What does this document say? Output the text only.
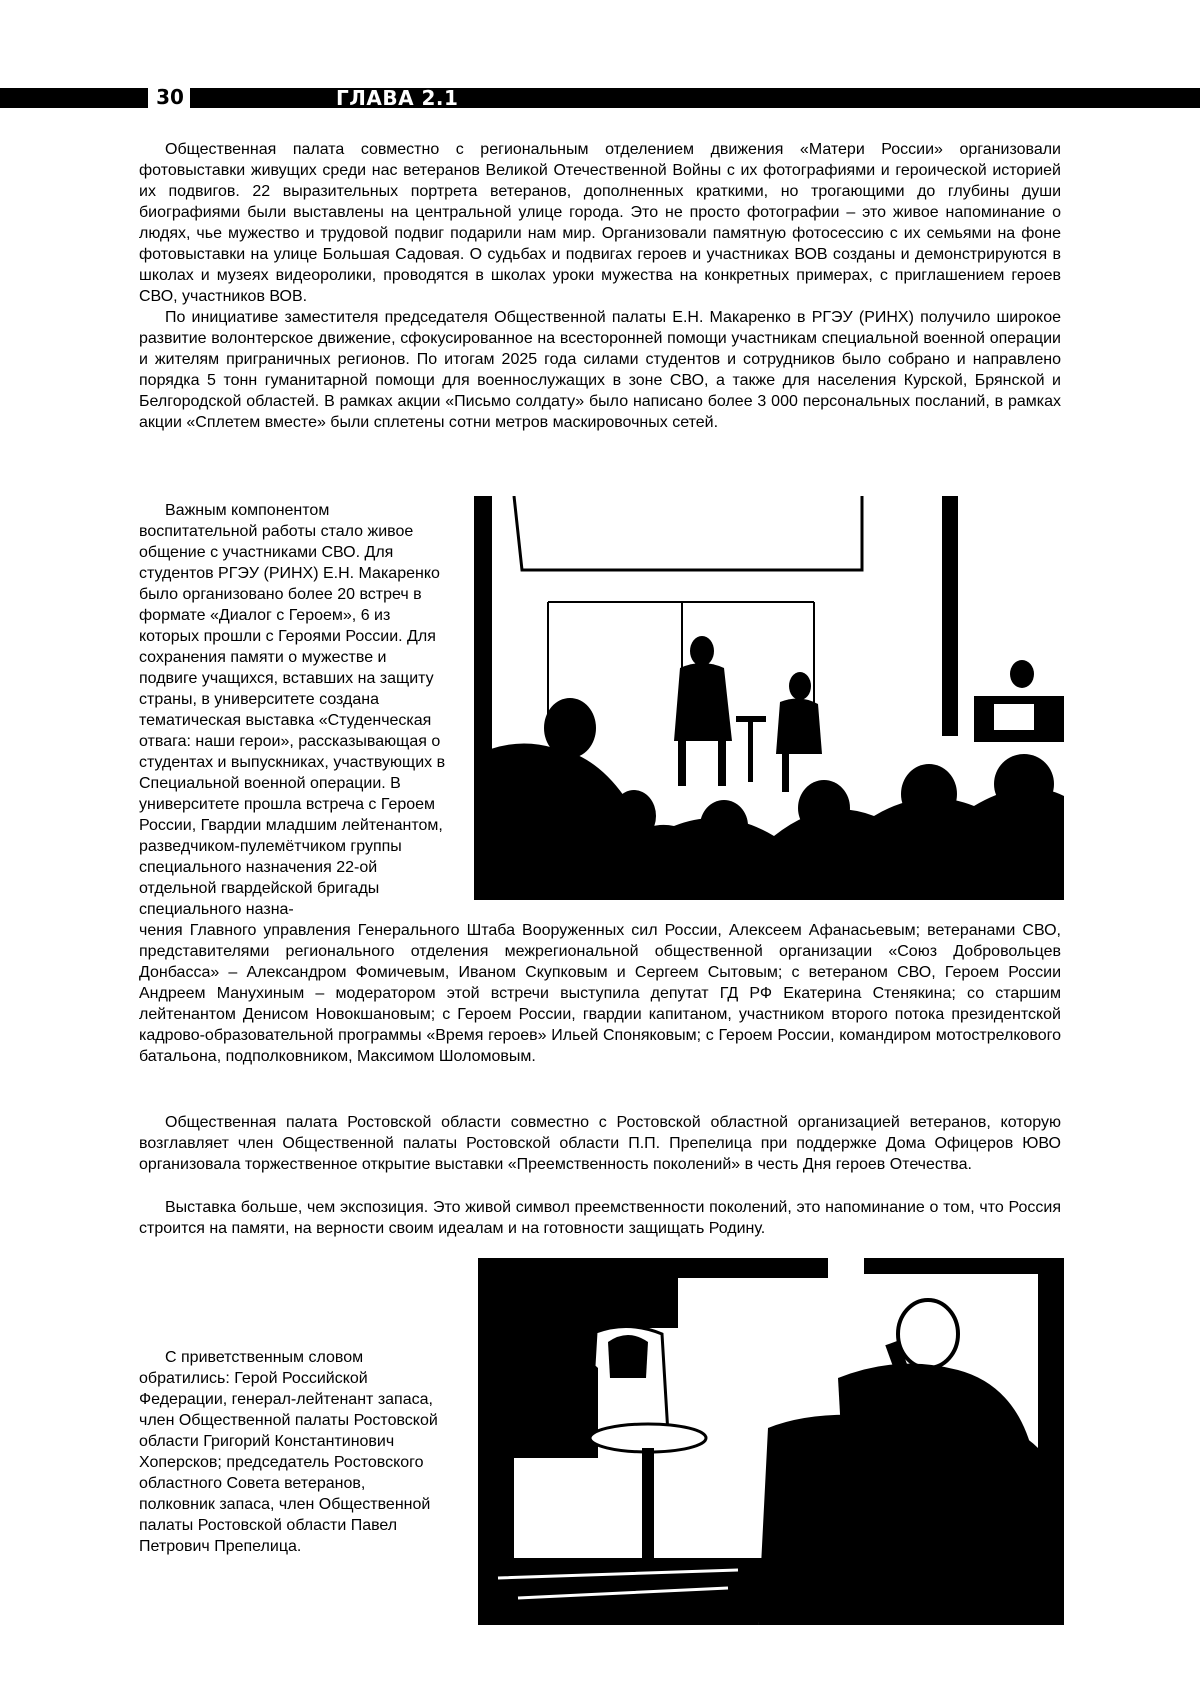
30	ГЛАВА 2.1

Общественная палата совместно с региональным отделением движения «Матери России» организовали фотовыставки живущих среди нас ветеранов Великой Отечественной Войны с их фотографиями и героической историей их подвигов. 22 выразительных портрета ветеранов, дополненных краткими, но трогающими до глубины души биографиями были выставлены на центральной улице города. Это не просто фотографии – это живое напоминание о людях, чье мужество и трудовой подвиг подарили нам мир. Организовали памятную фотосессию с их семьями на фоне фотовыставки на улице Большая Садовая. О судьбах и подвигах героев и участниках ВОВ созданы и демонстрируются в школах и музеях видеоролики, проводятся в школах уроки мужества на конкретных примерах, с приглашением героев СВО, участников ВОВ.

По инициативе заместителя председателя Общественной палаты Е.Н. Макаренко в РГЭУ (РИНХ) получило широкое развитие волонтерское движение, сфокусированное на всесторонней помощи участникам специальной военной операции и жителям приграничных регионов. По итогам 2025 года силами студентов и сотрудников было собрано и направлено порядка 5 тонн гуманитарной помощи для военнослужащих в зоне СВО, а также для населения Курской, Брянской и Белгородской областей. В рамках акции «Письмо солдату» было написано более 3 000 персональных посланий, в рамках акции «Сплетем вместе» были сплетены сотни метров маскировочных сетей.

Важным компонентом воспитательной работы стало живое общение с участниками СВО. Для студентов РГЭУ (РИНХ) Е.Н. Макаренко было организовано более 20 встреч в формате «Диалог с Героем», 6 из которых прошли с Героями России. Для сохранения памяти о мужестве и подвиге учащихся, вставших на защиту страны, в университете создана тематическая выставка «Студенческая отвага: наши герои», рассказывающая о студентах и выпускниках, участвующих в Специальной военной операции. В университете прошла встреча с Героем России, Гвардии младшим лейтенантом, разведчиком-пулемётчиком группы специального назначения 22-ой отдельной гвардейской бригады специального назна-

чения Главного управления Генерального Штаба Вооруженных сил России, Алексеем Афанасьевым; ветеранами СВО, представителями регионального отделения межрегиональной общественной организации «Союз Добровольцев Донбасса» – Александром Фомичевым, Иваном Скупковым и Сергеем Сытовым; с ветераном СВО, Героем России Андреем Манухиным – модератором этой встречи выступила депутат ГД РФ Екатерина Стенякина; со старшим лейтенантом Денисом Новокшановым; с Героем России, гвардии капитаном, участником второго потока президентской кадрово-образовательной программы «Время героев» Ильей Споняковым; с Героем России, командиром мотострелкового батальона, подполковником, Максимом Шоломовым.

Общественная палата Ростовской области совместно с Ростовской областной организацией ветеранов, которую возглавляет член Общественной палаты Ростовской области П.П. Препелица при поддержке Дома Офицеров ЮВО организовала торжественное открытие выставки «Преемственность поколений» в честь Дня героев Отечества.

Выставка больше, чем экспозиция. Это живой символ преемственности поколений, это напоминание о том, что Россия строится на памяти, на верности своим идеалам и на готовности защищать Родину.

С приветственным словом обратились: Герой Российской Федерации, генерал-лейтенант запаса, член Общественной палаты Ростовской области Григорий Константинович Хоперсков; председатель Ростовского областного Совета ветеранов, полковник запаса, член Общественной палаты Ростовской области Павел Петрович Препелица.
